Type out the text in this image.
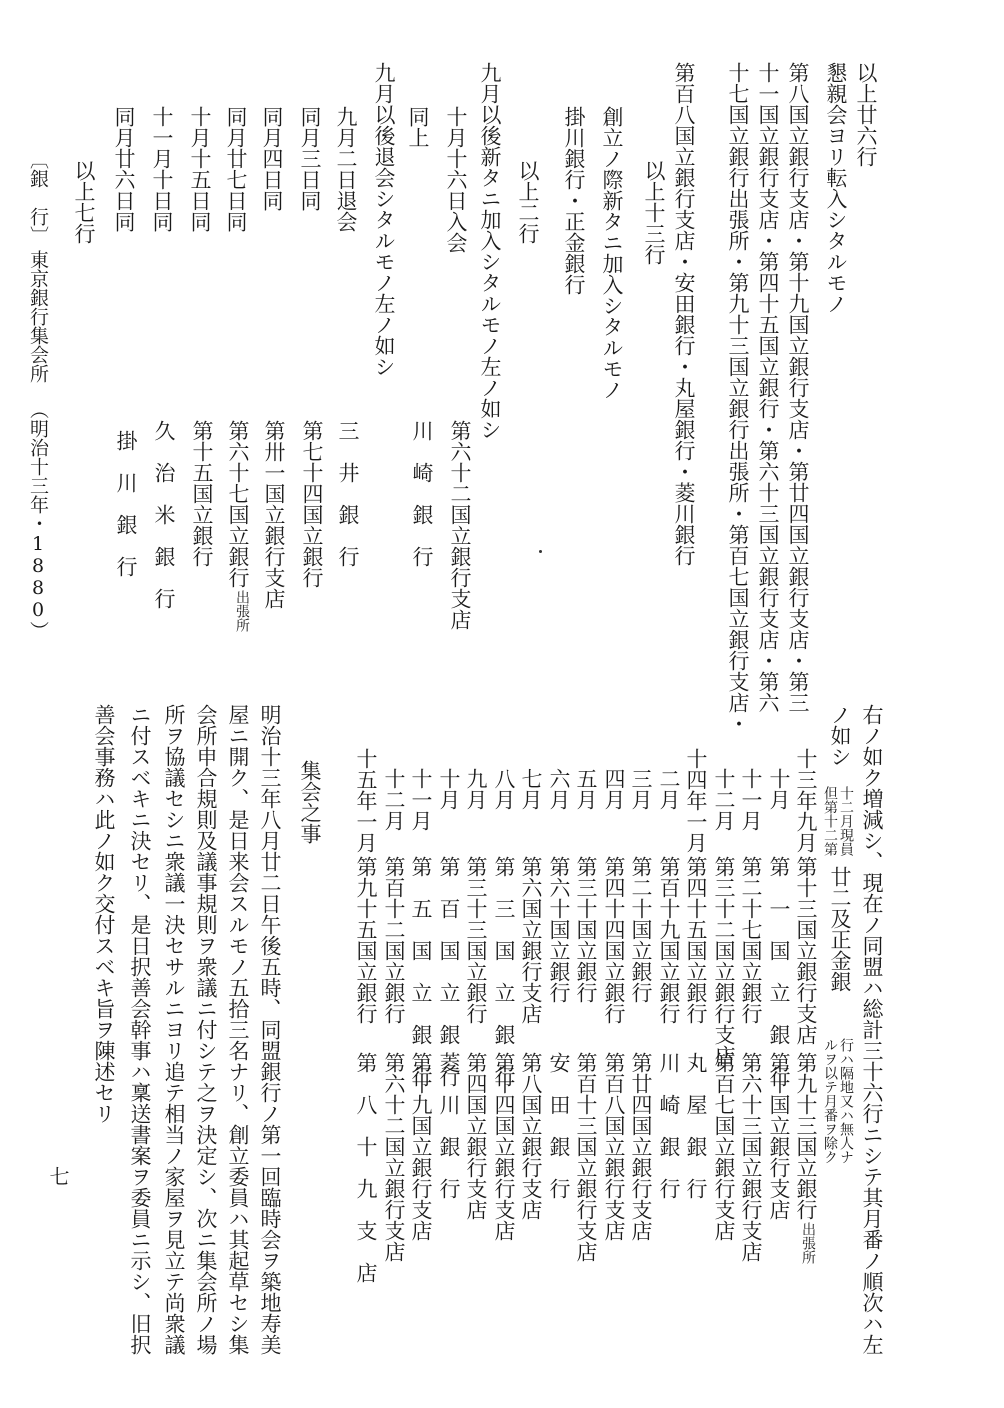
以上廿六行
懇親会ヨリ転入シタルモノ
第八国立銀行支店・第十九国立銀行支店・第廿四国立銀行支店・第三
十一国立銀行支店・第四十五国立銀行・第六十三国立銀行支店・第六
十七国立銀行出張所・第九十三国立銀行出張所・第百七国立銀行支店・
第百八国立銀行支店・安田銀行・丸屋銀行・菱川銀行
以上十三行
創立ノ際新タニ加入シタルモノ
掛川銀行・正金銀行
以上二行
九月以後新タニ加入シタルモノ左ノ如シ
十月十六日入会
第六十二国立銀行支店
同上
川　崎　銀　行
九月以後退会シタルモノ左ノ如シ
九月二日退会
三　井　銀　行
同月三日同
第七十四国立銀行
同月四日同
第卅一国立銀行支店
同月廿七日同
第六十七国立銀行
出張所
十月十五日同
第十五国立銀行
十一月十日同
久　治　米　銀　行
同月廿六日同
掛　川　銀　行
以上七行
〔銀　行〕
東京銀行集会所
（明治十三年・1880）
右ノ如ク増減シ、現在ノ同盟ハ総計三十六行ニシテ其月番ノ順次ハ左
ノ如シ
十二月現員
但第十二第
廿二及正金銀
行ハ隔地又ハ無人ナ
ルヲ以テ月番ヲ除ク
十三年九月
第十三国立銀行支店
第九十三国立銀行
出張所
十月
第　一　国　立　銀　行
第十国立銀行支店
十一月
第二十七国立銀行
第六十三国立銀行支店
十二月
第三十二国立銀行支店
第百七国立銀行支店
十四年一月
第四十五国立銀行
丸　屋　銀　行
二月
第百十九国立銀行
川　崎　銀　行
三月
第二十国立銀行
第廿四国立銀行支店
四月
第四十四国立銀行
第百八国立銀行支店
五月
第三十国立銀行
第百十三国立銀行支店
六月
第六十国立銀行
安　田　銀　行
七月
第六国立銀行支店
第八国立銀行支店
八月
第　三　国　立　銀　行
第十四国立銀行支店
九月
第三十三国立銀行
第四国立銀行支店
十月
第　百　国　立　銀　行
菱　川　銀　行
十一月
第　五　国　立　銀　行
第十九国立銀行支店
十二月
第百十二国立銀行
第六十二国立銀行支店
十五年一月
第九十五国立銀行
第　八　十　九　支　店
集会之事
明治十三年八月廿二日午後五時、同盟銀行ノ第一回臨時会ヲ築地寿美
屋ニ開ク、是日来会スルモノ五拾三名ナリ、創立委員ハ其起草セシ集
会所申合規則及議事規則ヲ衆議ニ付シテ之ヲ決定シ、次ニ集会所ノ場
所ヲ協議セシニ衆議一決セサルニヨリ追テ相当ノ家屋ヲ見立テ尚衆議
ニ付スベキニ決セリ、是日択善会幹事ハ稟送書案ヲ委員ニ示シ、旧択
善会事務ハ此ノ如ク交付スベキ旨ヲ陳述セリ
七
